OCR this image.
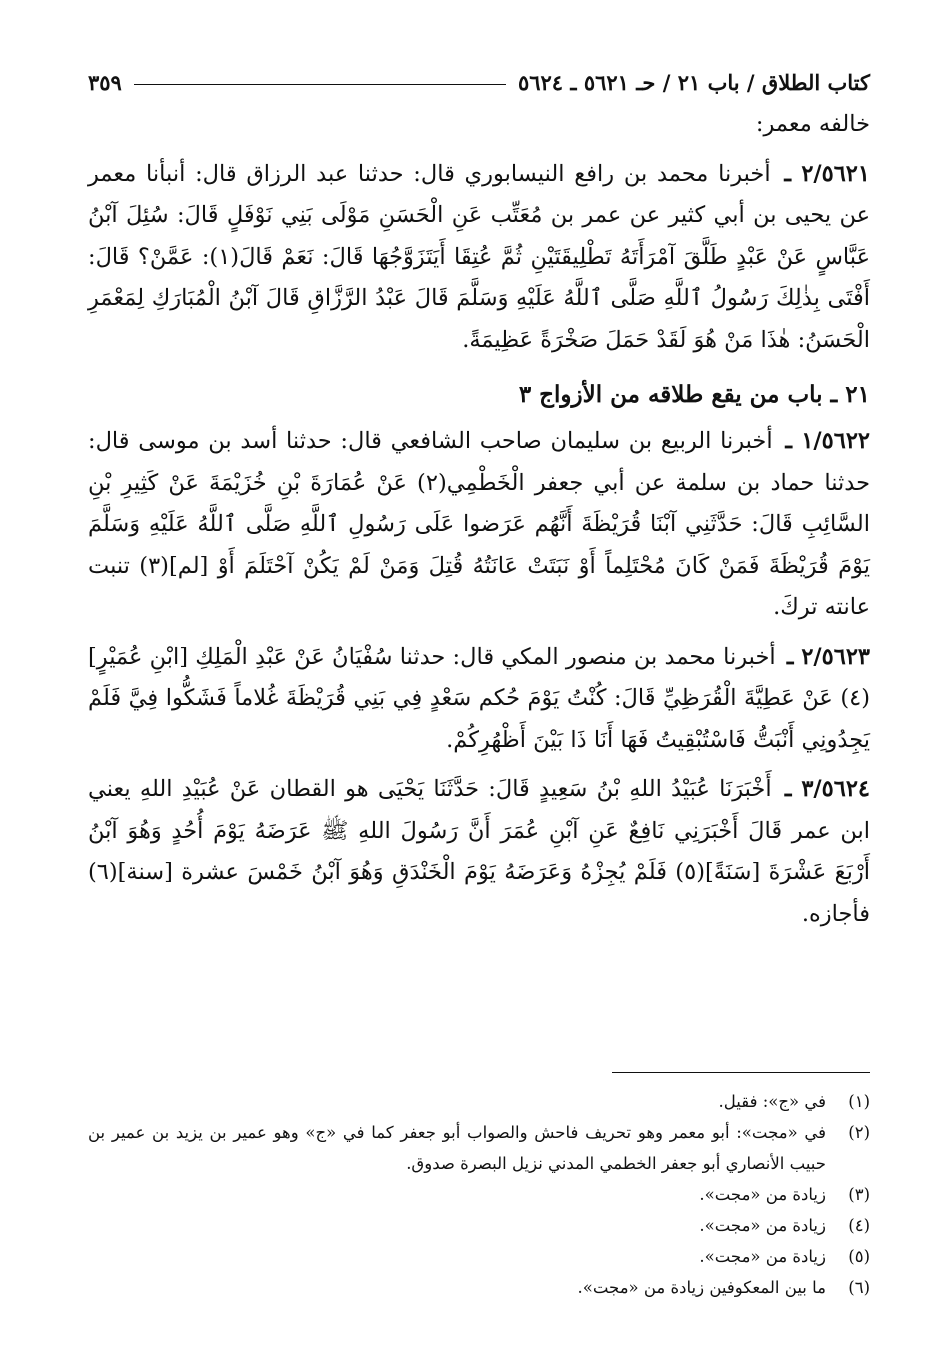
كتاب الطلاق / باب ٢١ / حـ ٥٦٢١ ـ ٥٦٢٤
٣٥٩

خالفه معمر:

٢/٥٦٢١ ـ أخبرنا محمد بن رافع النيسابوري قال: حدثنا عبد الرزاق قال: أنبأنا معمر عن يحيى بن أبي كثير عن عمر بن مُعَتِّب عَنِ الْحَسَنِ مَوْلَى بَنِي نَوْفَلٍ قَالَ: سُئِلَ آبْنُ عَبَّاسٍ عَنْ عَبْدٍ طَلَّقَ آمْرَأَتَهُ تَطْلِيقَتَيْنِ ثُمَّ عُتِقَا أَيَتَزَوَّجُهَا قَالَ: نَعَمْ قَالَ(١): عَمَّنْ؟ قَالَ: أَفْتَى بِذٰلِكَ رَسُولُ ٱللَّهِ صَلَّى ٱللَّهُ عَلَيْهِ وَسَلَّمَ قَالَ عَبْدُ الرَّزَّاقِ قَالَ آبْنُ الْمُبَارَكِ لِمَعْمَرِ الْحَسَنُ: هٰذَا مَنْ هُوَ لَقَدْ حَمَلَ صَخْرَةً عَظِيمَةً.

٢١ ـ باب من يقع طلاقه من الأزواج ٣

١/٥٦٢٢ ـ أخبرنا الربيع بن سليمان صاحب الشافعي قال: حدثنا أسد بن موسى قال: حدثنا حماد بن سلمة عن أبي جعفر الْخَطْمِي(٢) عَنْ عُمَارَةَ بْنِ خُزَيْمَةَ عَنْ كَثِيرِ بْنِ السَّائِبِ قَالَ: حَدَّثَنِي آبْنَا قُرَيْظَةَ أَنَّهُم عَرَضوا عَلَى رَسُولِ ٱللَّهِ صَلَّى ٱللَّهُ عَلَيْهِ وَسَلَّمَ يَوْمَ قُرَيْظَةَ فَمَنْ كَانَ مُحْتَلِماً أَوْ نَبَتَتْ عَانَتُهُ قُتِلَ وَمَنْ لَمْ يَكُنْ آحْتَلَمَ أَوْ [لم](٣) تنبت عانته تركَ.

٢/٥٦٢٣ ـ أخبرنا محمد بن منصور المكي قال: حدثنا سُفْيَانُ عَنْ عَبْدِ الْمَلِكِ [ابْنِ عُمَيْرٍ](٤) عَنْ عَطِيَّةَ الْقُرَظِيِّ قَالَ: كُنْتُ يَوْمَ حُكم سَعْدٍ فِي بَنِي قُرَيْظَةَ غُلاماً فَشَكُّوا فِيَّ فَلَمْ يَجِدُونِي أَنْبَتُّ فَاسْتُبْقِيتُ فَهَا أَنَا ذَا بَيْنَ أَظْهُرِكُمْ.

٣/٥٦٢٤ ـ أَخْبَرَنَا عُبَيْدُ اللهِ بْنُ سَعِيدٍ قَالَ: حَدَّثَنَا يَحْيَى هو القطان عَنْ عُبَيْدِ اللهِ يعني ابن عمر قَالَ أَخْبَرَنِي نَافِعٌ عَنِ آبْنِ عُمَرَ أَنَّ رَسُولَ اللهِ ﷺ عَرَضَهُ يَوْمَ أُحُدٍ وَهُوَ آبْنُ أَرْبَعَ عَشْرَةَ [سَنَةً](٥) فَلَمْ يُجِزْهُ وَعَرَضَهُ يَوْمَ الْخَنْدَقِ وَهُوَ آبْنُ خَمْسَ عشرة [سنة](٦) فأجازه.

(١)
في «ج»: فقيل.
(٢)
في «مجت»: أبو معمر وهو تحريف فاحش والصواب أبو جعفر كما في «ج» وهو عمير بن يزيد بن عمير بن حبيب الأنصاري أبو جعفر الخطمي المدني نزيل البصرة صدوق.
(٣)
زيادة من «مجت».
(٤)
زيادة من «مجت».
(٥)
زيادة من «مجت».
(٦)
ما بين المعكوفين زيادة من «مجت».
